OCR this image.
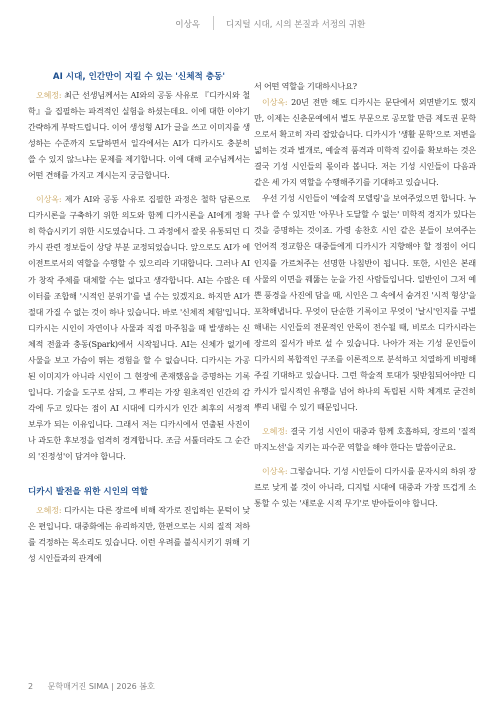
이상옥	디지털 시대, 시의 본질과 서정의 귀환
AI 시대, 인간만이 지킬 수 있는 '신체적 충동'

오혜정: 최근 선생님께서는 AI와의 공동 사유로 『디카시와 철학』을 집필하는 파격적인 실험을 하셨는데요. 이에 대한 이야기 간략하게 부탁드립니다. 이어 생성형 AI가 글을 쓰고 이미지를 생성하는 수준까지 도달하면서 일각에서는 AI가 디카시도 충분히 쓸 수 있지 않느냐는 문제를 제기합니다. 이에 대해 교수님께서는 어떤 견해를 가지고 계시는지 궁금합니다.

이상옥: 제가 AI와 공동 사유로 집필한 과정은 철학 담론으로 디카시론을 구축하기 위한 의도와 함께 디카시론을 AI에게 정확히 학습시키기 위한 시도였습니다. 그 과정에서 잘못 유통되던 디카시 관련 정보들이 상당 부분 교정되었습니다. 앞으로도 AI가 에이전트로서의 역할을 수행할 수 있으리라 기대합니다. 그러나 AI가 창작 주체를 대체할 수는 없다고 생각합니다. AI는 수많은 데이터를 조합해 '시적인 분위기'를 낼 수는 있겠지요. 하지만 AI가 절대 가질 수 없는 것이 하나 있습니다. 바로 '신체적 체험'입니다. 디카시는 시인이 자연이나 사물과 직접 마주침을 때 발생하는 신체적 전율과 충동(Spark)에서 시작됩니다. AI는 신체가 없기에 사물을 보고 가슴이 뛰는 경험을 할 수 없습니다. 디카시는 가공된 이미지가 아니라 시인이 그 현장에 존재했음을 증명하는 기록입니다. 기술을 도구로 삼되, 그 뿌리는 가장 원초적인 인간의 감각에 두고 있다는 점이 AI 시대에 디카시가 인간 최후의 서정적 보루가 되는 이유입니다. 그래서 저는 디카시에서 연출된 사진이나 과도한 후보정을 엄격히 경계합니다. 조금 서툴더라도 그 순간의 '진정성'이 담겨야 합니다.

디카시 발전을 위한 시인의 역할

오혜정: 디카시는 다른 장르에 비해 작가로 진입하는 문턱이 낮은 편입니다. 대중화에는 유리하지만, 한편으로는 시의 질적 저하를 걱정하는 목소리도 있습니다. 이런 우려를 불식시키기 위해 기성 시인들과의 관계에

서 어떤 역할을 기대하시나요?

이상옥: 20년 전만 해도 디카시는 문단에서 외면받기도 했지만, 이제는 신춘문예에서 별도 부문으로 공모할 만큼 제도권 문학으로서 확고히 자리 잡았습니다. 디카시가 '생활 문학'으로 저변을 넓히는 것과 별개로, 예술적 품격과 미학적 깊이를 확보하는 것은 결국 기성 시인들의 몫이라 봅니다. 저는 기성 시인들이 다음과 같은 세 가지 역할을 수행해주기를 기대하고 있습니다.

우선 기성 시인들이 '예술적 모델링'을 보여주었으면 합니다. 누구나 쓸 수 있지만 '아무나 도달할 수 없는' 미학적 경지가 있다는 것을 증명하는 것이죠. 가령 송찬호 시인 같은 분들이 보여주는 언어적 정교함은 대중들에게 디카시가 지향해야 할 정점이 어디인지를 가르쳐주는 선명한 나침반이 됩니다. 또한, 시인은 본래 사물의 이면을 꿰뚫는 눈을 가진 사람들입니다. 일반인이 그저 예쁜 풍경을 사진에 담을 때, 시인은 그 속에서 숨겨진 '시적 형상'을 포착해냅니다. 무엇이 단순한 기록이고 무엇이 '날시'인지를 구별해내는 시인들의 전문적인 안목이 전수될 때, 비로소 디카시라는 장르의 질서가 바로 설 수 있습니다. 나아가 저는 기성 문인들이 디카시의 복합적인 구조를 이론적으로 분석하고 치열하게 비평해주길 기대하고 있습니다. 그런 학술적 토대가 뒷받침되어야만 디카시가 일시적인 유행을 넘어 하나의 독립된 시학 체계로 굳건히 뿌리 내릴 수 있기 때문입니다.

오혜정: 결국 기성 시인이 대중과 함께 호흡하되, 장르의 '질적 마지노선'을 지키는 파수꾼 역할을 해야 한다는 말씀이군요.

이상옥: 그렇습니다. 기성 시인들이 디카시를 문자시의 하위 장르로 낮게 볼 것이 아니라, 디지털 시대에 대중과 가장 뜨겁게 소통할 수 있는 '새로운 시적 무기'로 받아들이야 합니다.

2 문학매거진 SIMA | 2026 봄호
